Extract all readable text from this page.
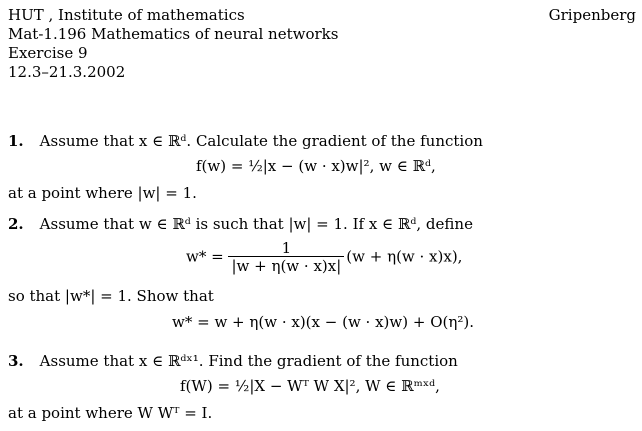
HUT , Institute of mathematics
Mat-1.196 Mathematics of neural networks
Exercise 9
12.3–21.3.2002
Gripenberg
1. Assume that x ∈ ℝᵈ. Calculate the gradient of the function
f(w) = ½|x − (w · x)w|², w ∈ ℝᵈ,
at a point where |w| = 1.
2. Assume that w ∈ ℝᵈ is such that |w| = 1. If x ∈ ℝᵈ, define
$w* = \frac{1}{|w + \eta(w \cdot x)x|} (w + \eta(w \cdot x)x)$,
so that |w*| = 1. Show that
w* = w + η(w · x)(x − (w · x)w) + O(η²).
3. Assume that x ∈ ℝᵈˣ¹. Find the gradient of the function
f(W) = ½|X − Wᵀ W X|², W ∈ ℝᵐˣᵈ,
at a point where W Wᵀ = I.
